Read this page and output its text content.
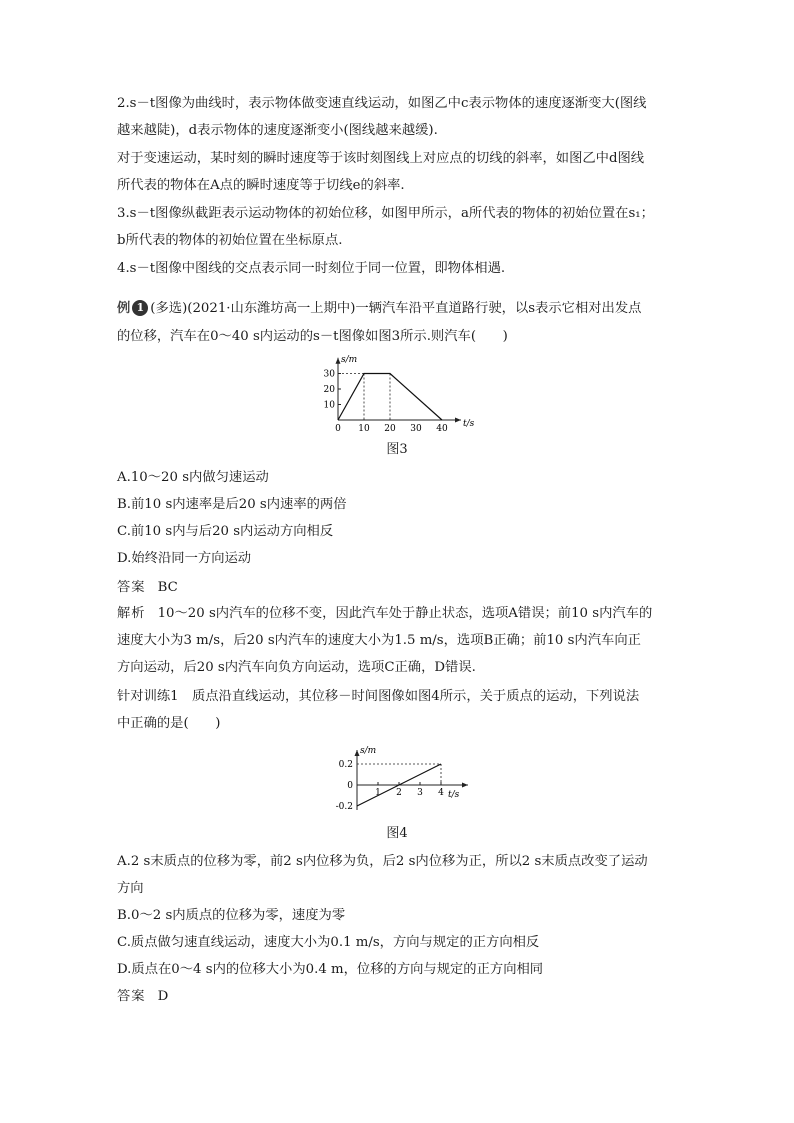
2.s－t图像为曲线时，表示物体做变速直线运动，如图乙中c表示物体的速度逐渐变大(图线
越来越陡)，d表示物体的速度逐渐变小(图线越来越缓).
对于变速运动，某时刻的瞬时速度等于该时刻图线上对应点的切线的斜率，如图乙中d图线
所代表的物体在A点的瞬时速度等于切线e的斜率.
3.s－t图像纵截距表示运动物体的初始位移，如图甲所示，a所代表的物体的初始位置在s₁；
b所代表的物体的初始位置在坐标原点.
4.s－t图像中图线的交点表示同一时刻位于同一位置，即物体相遇.
例 1 (多选)(2021·山东潍坊高一上期中)一辆汽车沿平直道路行驶，以s表示它相对出发点
的位移，汽车在0～40 s内运动的s－t图像如图3所示.则汽车(　　)
t/s
s/m
0 10 20 30 40
10
20
30
图3
A.10～20 s内做匀速运动
B.前10 s内速率是后20 s内速率的两倍
C.前10 s内与后20 s内运动方向相反
D.始终沿同一方向运动
答案 BC
解析 10～20 s内汽车的位移不变，因此汽车处于静止状态，选项A错误；前10 s内汽车的
速度大小为3 m/s，后20 s内汽车的速度大小为1.5 m/s，选项B正确；前10 s内汽车向正
方向运动，后20 s内汽车向负方向运动，选项C正确，D错误.
针对训练1　质点沿直线运动，其位移－时间图像如图4所示，关于质点的运动，下列说法
中正确的是(　　)
t/s
s/m
1 2 3 4
0.2
0
-0.2
图4
A.2 s末质点的位移为零，前2 s内位移为负，后2 s内位移为正，所以2 s末质点改变了运动
方向
B.0～2 s内质点的位移为零，速度为零
C.质点做匀速直线运动，速度大小为0.1 m/s，方向与规定的正方向相反
D.质点在0～4 s内的位移大小为0.4 m，位移的方向与规定的正方向相同
答案 D
